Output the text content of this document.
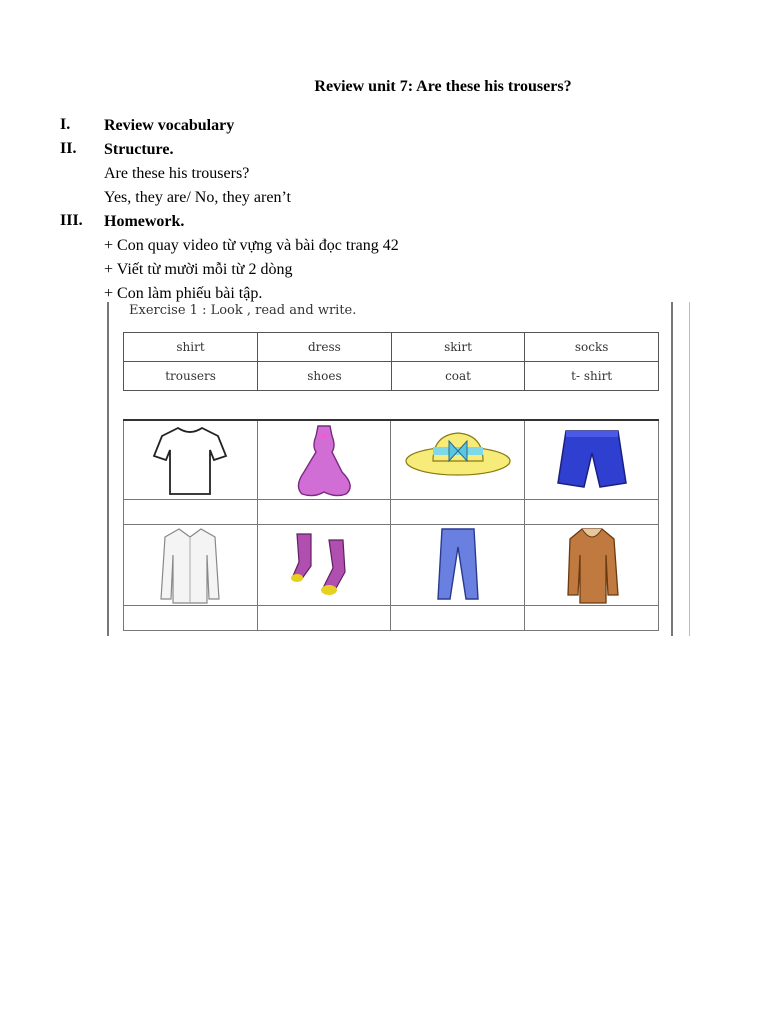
Review unit 7: Are these his trousers?
I. Review vocabulary
II. Structure.
Are these his trousers?
Yes, they are/ No, they aren’t
III. Homework.
+ Con quay video từ vựng và bài đọc trang 42
+ Viết từ mười mỗi từ 2 dòng
+ Con làm phiếu bài tập.
Exercise 1 : Look , read and write.
shirt	dress	skirt	socks
trousers	shoes	coat	t- shirt
